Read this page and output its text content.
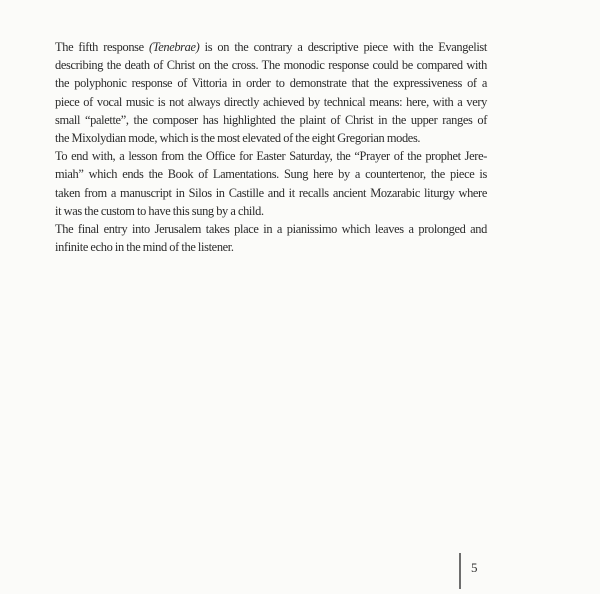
The fifth response (Tenebrae) is on the contrary a descriptive piece with the Evangelist
describing the death of Christ on the cross. The monodic response could be compared with
the polyphonic response of Vittoria in order to demonstrate that the expressiveness of a
piece of vocal music is not always directly achieved by technical means: here, with a very
small “palette”, the composer has highlighted the plaint of Christ in the upper ranges of
the Mixolydian mode, which is the most elevated of the eight Gregorian modes.

To end with, a lesson from the Office for Easter Saturday, the “Prayer of the prophet Jere-
miah” which ends the Book of Lamentations. Sung here by a countertenor, the piece is
taken from a manuscript in Silos in Castille and it recalls ancient Mozarabic liturgy where
it was the custom to have this sung by a child.

The final entry into Jerusalem takes place in a pianissimo which leaves a prolonged and
infinite echo in the mind of the listener.

5
